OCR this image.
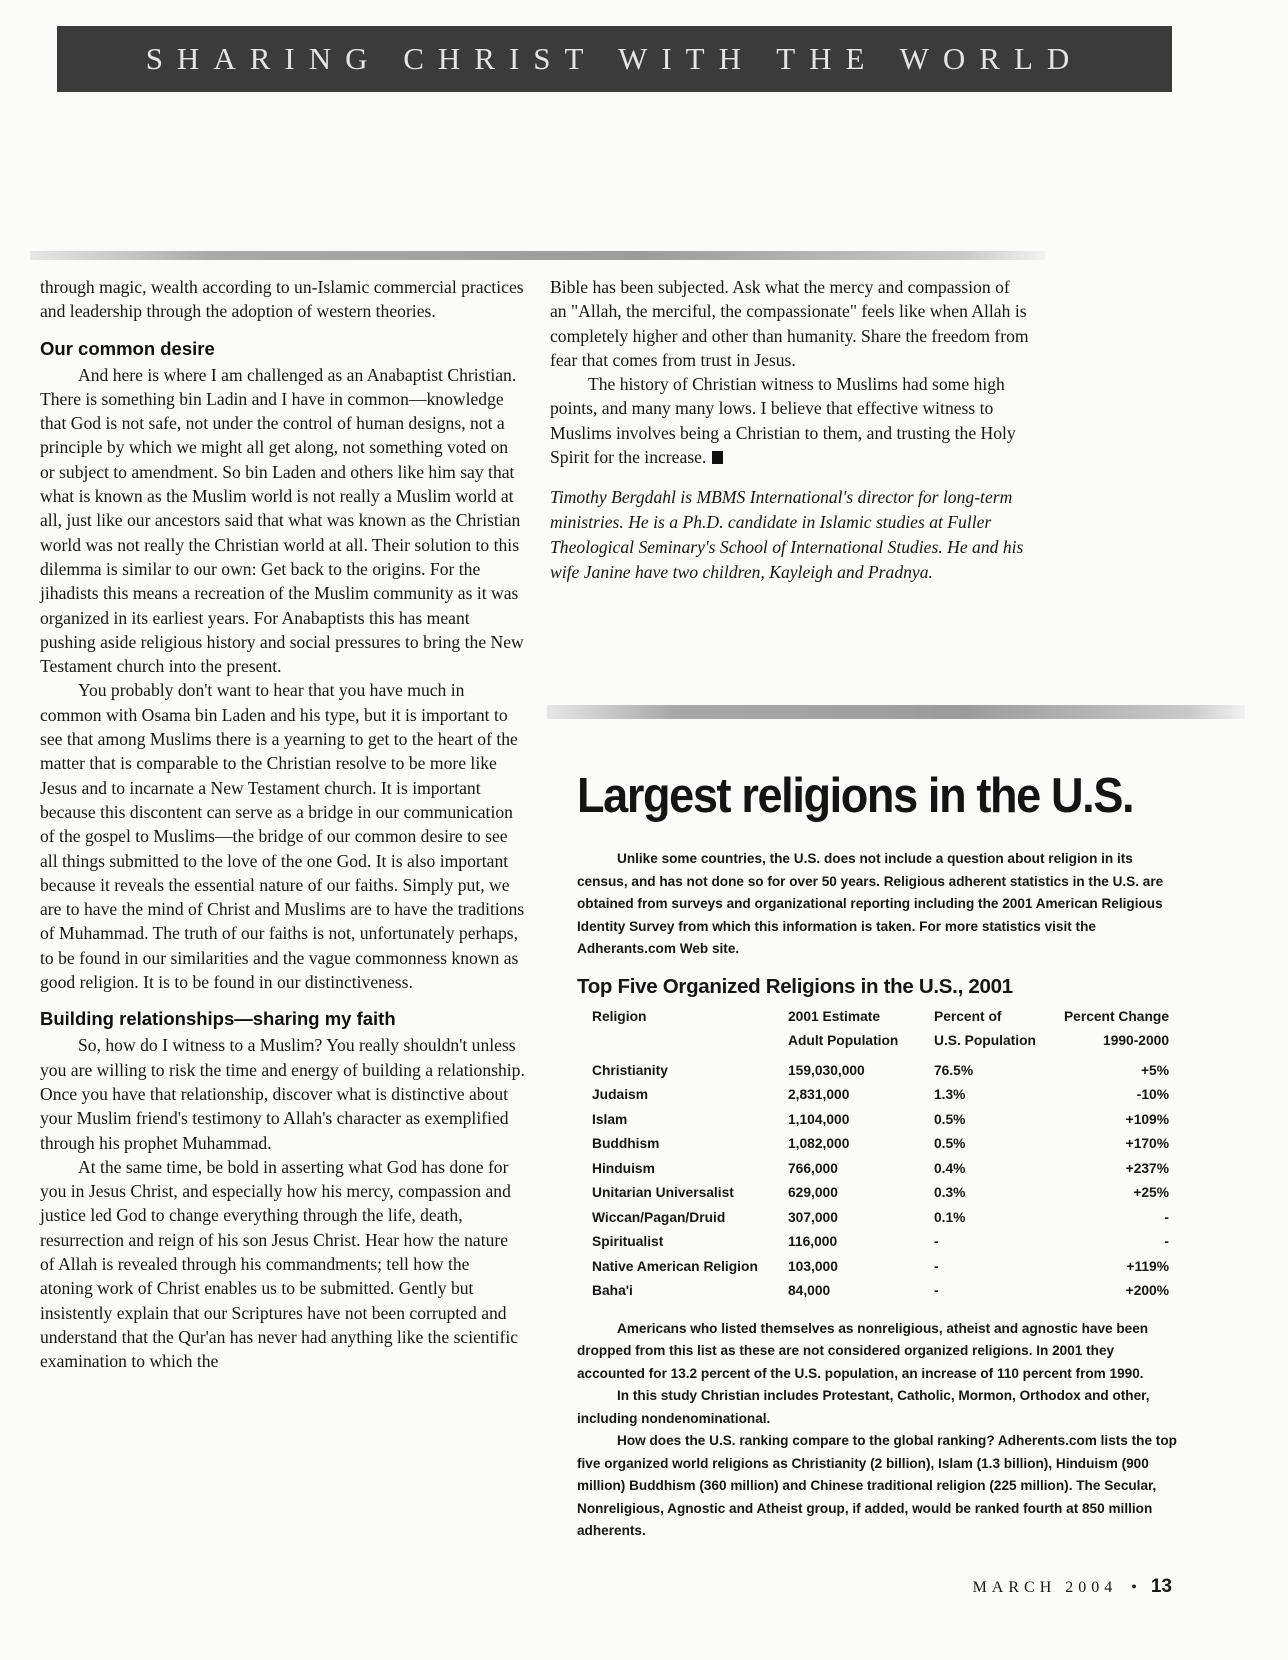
SHARING CHRIST WITH THE WORLD

through magic, wealth according to un-Islamic commercial practices and leadership through the adoption of western theories.

Our common desire

And here is where I am challenged as an Anabaptist Christian. There is something bin Ladin and I have in common—knowledge that God is not safe, not under the control of human designs, not a principle by which we might all get along, not something voted on or subject to amendment. So bin Laden and others like him say that what is known as the Muslim world is not really a Muslim world at all, just like our ancestors said that what was known as the Christian world was not really the Christian world at all. Their solution to this dilemma is similar to our own: Get back to the origins. For the jihadists this means a recreation of the Muslim community as it was organized in its earliest years. For Anabaptists this has meant pushing aside religious history and social pressures to bring the New Testament church into the present.

You probably don't want to hear that you have much in common with Osama bin Laden and his type, but it is important to see that among Muslims there is a yearning to get to the heart of the matter that is comparable to the Christian resolve to be more like Jesus and to incarnate a New Testament church. It is important because this discontent can serve as a bridge in our communication of the gospel to Muslims—the bridge of our common desire to see all things submitted to the love of the one God. It is also important because it reveals the essential nature of our faiths. Simply put, we are to have the mind of Christ and Muslims are to have the traditions of Muhammad. The truth of our faiths is not, unfortunately perhaps, to be found in our similarities and the vague commonness known as good religion. It is to be found in our distinctiveness.

Building relationships—sharing my faith

So, how do I witness to a Muslim? You really shouldn't unless you are willing to risk the time and energy of building a relationship. Once you have that relationship, discover what is distinctive about your Muslim friend's testimony to Allah's character as exemplified through his prophet Muhammad.

At the same time, be bold in asserting what God has done for you in Jesus Christ, and especially how his mercy, compassion and justice led God to change everything through the life, death, resurrection and reign of his son Jesus Christ. Hear how the nature of Allah is revealed through his commandments; tell how the atoning work of Christ enables us to be submitted. Gently but insistently explain that our Scriptures have not been corrupted and understand that the Qur'an has never had anything like the scientific examination to which the

Bible has been subjected. Ask what the mercy and compassion of an "Allah, the merciful, the compassionate" feels like when Allah is completely higher and other than humanity. Share the freedom from fear that comes from trust in Jesus.

The history of Christian witness to Muslims had some high points, and many many lows. I believe that effective witness to Muslims involves being a Christian to them, and trusting the Holy Spirit for the increase.

Timothy Bergdahl is MBMS International's director for long-term ministries. He is a Ph.D. candidate in Islamic studies at Fuller Theological Seminary's School of International Studies. He and his wife Janine have two children, Kayleigh and Pradnya.

Largest religions in the U.S.

Unlike some countries, the U.S. does not include a question about religion in its census, and has not done so for over 50 years. Religious adherent statistics in the U.S. are obtained from surveys and organizational reporting including the 2001 American Religious Identity Survey from which this information is taken. For more statistics visit the Adherants.com Web site.

Top Five Organized Religions in the U.S., 2001
Religion	2001 Estimate	Percent of	Percent Change
	Adult Population	U.S. Population	1990-2000
Christianity	159,030,000	76.5%	+5%
Judaism	2,831,000	1.3%	-10%
Islam	1,104,000	0.5%	+109%
Buddhism	1,082,000	0.5%	+170%
Hinduism	766,000	0.4%	+237%
Unitarian Universalist	629,000	0.3%	+25%
Wiccan/Pagan/Druid	307,000	0.1%	-
Spiritualist	116,000	-	-
Native American Religion	103,000	-	+119%
Baha'i	84,000	-	+200%

Americans who listed themselves as nonreligious, atheist and agnostic have been dropped from this list as these are not considered organized religions. In 2001 they accounted for 13.2 percent of the U.S. population, an increase of 110 percent from 1990.

In this study Christian includes Protestant, Catholic, Mormon, Orthodox and other, including nondenominational.

How does the U.S. ranking compare to the global ranking? Adherents.com lists the top five organized world religions as Christianity (2 billion), Islam (1.3 billion), Hinduism (900 million) Buddhism (360 million) and Chinese traditional religion (225 million). The Secular, Nonreligious, Agnostic and Atheist group, if added, would be ranked fourth at 850 million adherents.

MARCH 2004 • 13
